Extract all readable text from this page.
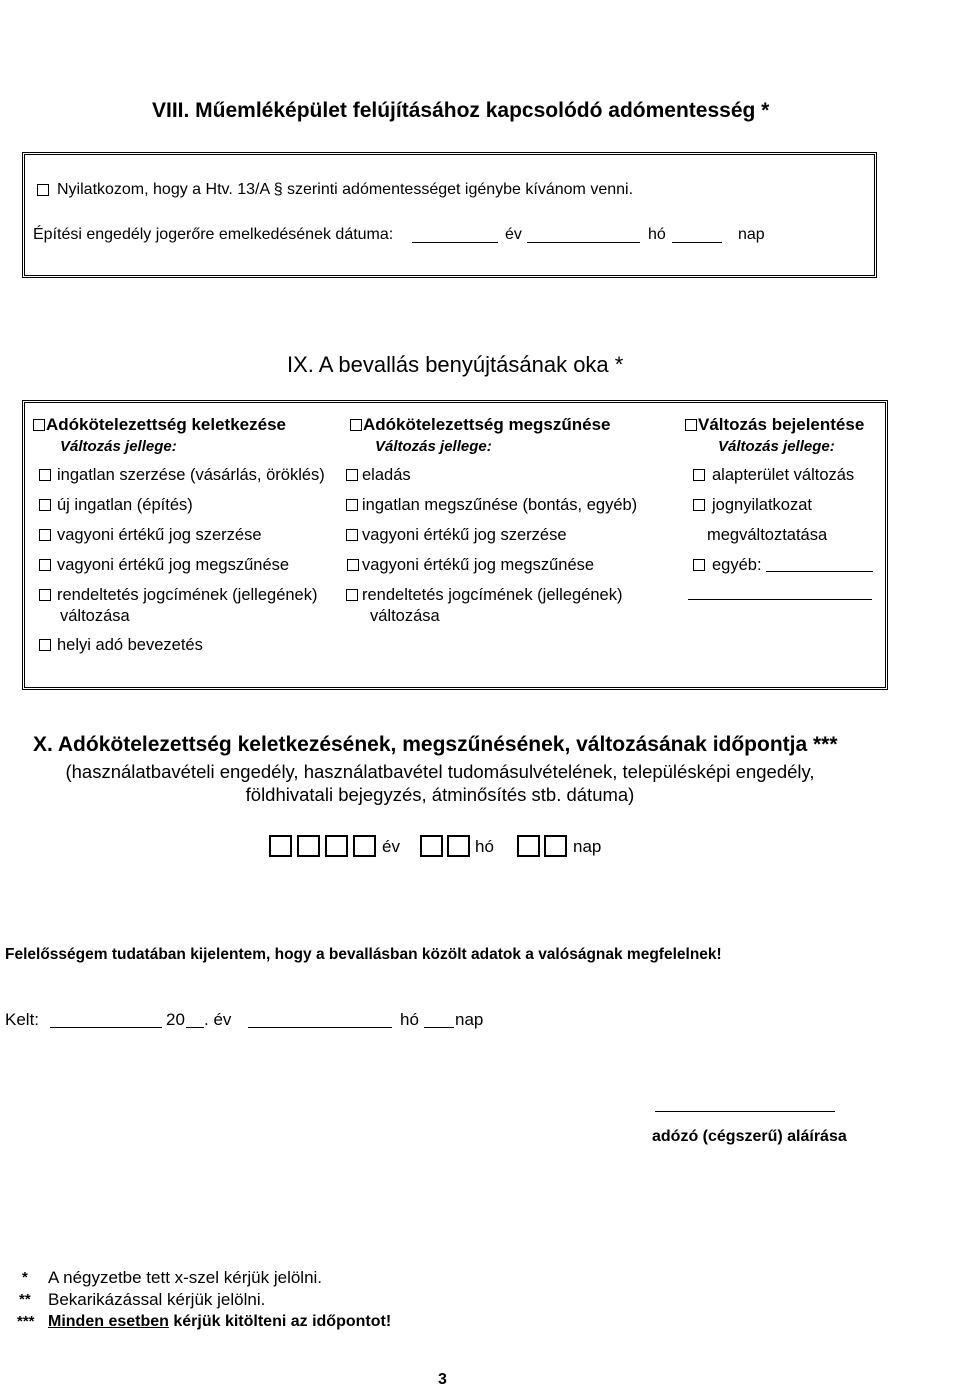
VIII. Műemléképület felújításához kapcsolódó adómentesség *
Nyilatkozom, hogy a Htv. 13/A § szerinti adómentességet igénybe kívánom venni.
Építési engedély jogerőre emelkedésének dátuma:	év	hó	nap
IX. A bevallás benyújtásának oka *
Adókötelezettség keletkezése
Változás jellege:
ingatlan szerzése (vásárlás, öröklés)
új ingatlan (építés)
vagyoni értékű jog szerzése
vagyoni értékű jog megszűnése
rendeltetés jogcímének (jellegének)
változása
helyi adó bevezetés
Adókötelezettség megszűnése
Változás jellege:
eladás
ingatlan megszűnése (bontás, egyéb)
vagyoni értékű jog szerzése
vagyoni értékű jog megszűnése
rendeltetés jogcímének (jellegének)
változása
Változás bejelentése
Változás jellege:
alapterület változás
jognyilatkozat
megváltoztatása
egyéb:
X. Adókötelezettség keletkezésének, megszűnésének, változásának időpontja ***
(használatbavételi engedély, használatbavétel tudomásulvételének, településképi engedély,
földhivatali bejegyzés, átminősítés stb. dátuma)
év	hó	nap
Felelősségem tudatában kijelentem, hogy a bevallásban közölt adatok a valóságnak megfelelnek!
Kelt:	20 . év	hó nap
adózó (cégszerű) aláírása
* A négyzetbe tett x-szel kérjük jelölni.
** Bekarikázással kérjük jelölni.
*** Minden esetben kérjük kitölteni az időpontot!
3
